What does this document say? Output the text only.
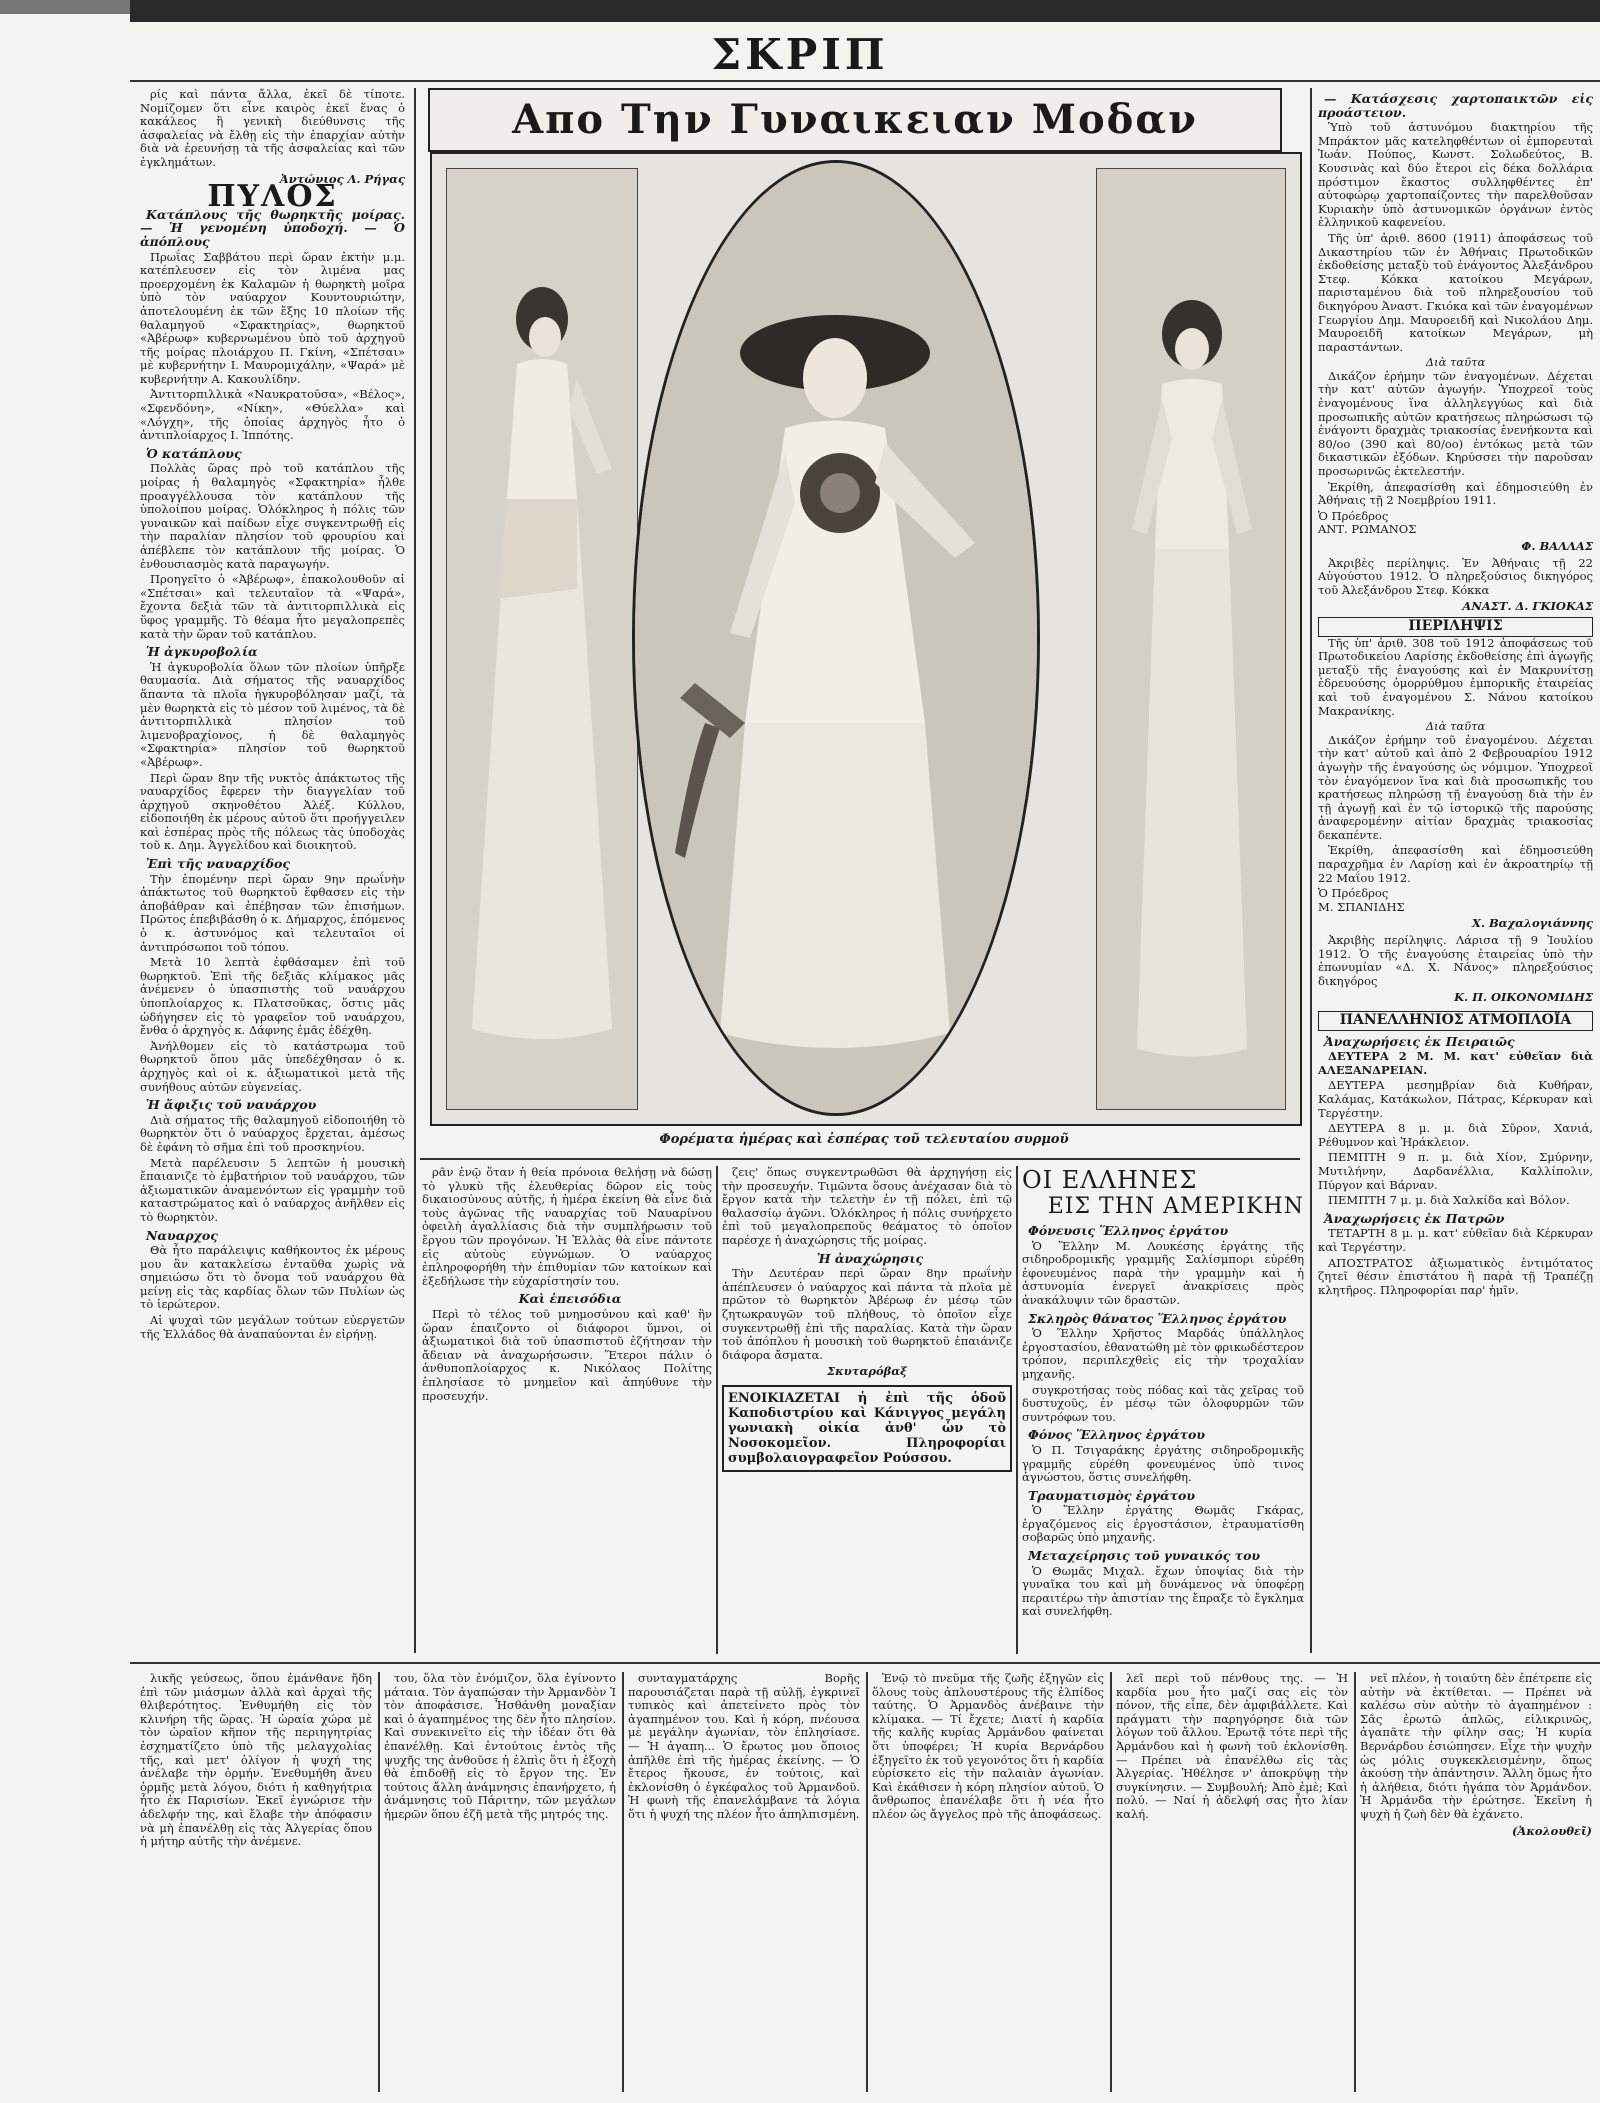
ΣΚΡΙΠ

ρίς καὶ πάντα ἄλλα, ἐκεῖ δὲ τίποτε. Νομίζομεν ὅτι εἶνε καιρὸς ἐκεῖ ἕνας ὁ κακάλεος ἢ γενικὴ διεύθυνσις τῆς ἀσφαλείας νὰ ἔλθῃ εἰς τὴν ἐπαρχίαν αὐτὴν διὰ νὰ ἐρευνήσῃ τὰ τῆς ἀσφαλείας καὶ τῶν ἐγκλημάτων.

Ἀντώνιος Λ. Ρήγας
ΠΥΛΟΣ
Κατάπλους τῆς θωρηκτῆς μοίρας. — Ἡ γενομένη ὑποδοχή. — Ὁ ἀπόπλους

Πρωΐας Σαββάτου περὶ ὥραν ἐκτὴν μ.μ. κατέπλευσεν εἰς τὸν λιμένα μας προερχομένη ἐκ Καλαμῶν ἡ θωρηκτὴ μοῖρα ὑπὸ τὸν ναύαρχον Κουντουριώτην, ἀποτελουμένη ἐκ τῶν ἔξης 10 πλοίων τῆς θαλαμηγοῦ «Σφακτηρίας», θωρηκτοῦ «Ἀβέρωφ» κυβερνωμένου ὑπὸ τοῦ ἀρχηγοῦ τῆς μοίρας πλοιάρχου Π. Γκίνη, «Σπέτσαι» μὲ κυβερνήτην Ι. Μαυρομιχάλην, «Ψαρά» μὲ κυβερνήτην Α. Κακουλίδην.

Ἀντιτορπιλλικὰ «Ναυκρατοῦσα», «Βέλος», «Σφενδόνη», «Νίκη», «Θύελλα» καὶ «Λόγχη», τῆς ὁποίας ἀρχηγὸς ἦτο ὁ ἀντιπλοίαρχος Ι. Ἰππότης.

Ὁ κατάπλους

Πολλὰς ὥρας πρὸ τοῦ κατάπλου τῆς μοίρας ἡ θαλαμηγὸς «Σφακτηρία» ἦλθε προαγγέλλουσα τὸν κατάπλουν τῆς ὑπολοίπου μοίρας. Ὁλόκληρος ἡ πόλις τῶν γυναικῶν καὶ παίδων εἶχε συγκεντρωθῇ εἰς τὴν παραλίαν πλησίον τοῦ φρουρίου καὶ ἀπέβλεπε τὸν κατάπλουν τῆς μοίρας. Ὁ ἐνθουσιασμὸς κατὰ παραγωγήν.

Προηγεῖτο ὁ «Ἀβέρωφ», ἐπακολουθοῦν αἱ «Σπέτσαι» καὶ τελευταῖον τὰ «Ψαρά», ἔχοντα δεξιὰ τῶν τὰ ἀντιτορπιλλικὰ εἰς ὕφος γραμμῆς. Τὸ θέαμα ἦτο μεγαλοπρεπὲς κατὰ τὴν ὥραν τοῦ κατάπλου.

Ἡ ἀγκυροβολία

Ἡ ἀγκυροβολία ὅλων τῶν πλοίων ὑπῆρξε θαυμασία. Διὰ σήματος τῆς ναυαρχίδος ἅπαντα τὰ πλοῖα ἠγκυροβόλησαν μαζί, τὰ μὲν θωρηκτὰ εἰς τὸ μέσον τοῦ λιμένος, τὰ δὲ ἀντιτορπιλλικὰ πλησίον τοῦ λιμενοβραχίονος, ἡ δὲ θαλαμηγὸς «Σφακτηρία» πλησίον τοῦ θωρηκτοῦ «Ἀβέρωφ».

Περὶ ὥραν 8ην τῆς νυκτὸς ἀπάκτωτος τῆς ναυαρχίδος ἔφερεν τὴν διαγγελίαν τοῦ ἀρχηγοῦ σκηνοθέτου Ἀλέξ. Κύλλου, εἰδοποιήθη ἐκ μέρους αὐτοῦ ὅτι προήγγειλεν καὶ ἐσπέρας πρὸς τῆς πόλεως τὰς ὑποδοχὰς τοῦ κ. Δημ. Ἀγγελίδου καὶ διοικητοῦ.

Ἐπὶ τῆς ναυαρχίδος

Τὴν ἐπομένην περὶ ὥραν 9ην πρωΐνὴν ἀπάκτωτος τοῦ θωρηκτοῦ ἔφθασεν εἰς τὴν ἀποβάθραν καὶ ἐπέβησαν τῶν ἐπισήμων. Πρῶτος ἐπεβιβάσθη ὁ κ. Δήμαρχος, ἐπόμενος ὁ κ. ἀστυνόμος καὶ τελευταῖοι οἱ ἀντιπρόσωποι τοῦ τόπου.

Μετὰ 10 λεπτὰ ἐφθάσαμεν ἐπὶ τοῦ θωρηκτοῦ. Ἐπὶ τῆς δεξιᾶς κλίμακος μᾶς ἀνέμενεν ὁ ὑπασπιστὴς τοῦ ναυάρχου ὑποπλοίαρχος κ. Πλατσοῦκας, ὅστις μᾶς ὡδήγησεν εἰς τὸ γραφεῖον τοῦ ναυάρχου, ἔνθα ὁ ἀρχηγὸς κ. Δάφνης ἐμᾶς ἐδέχθη.

Ἀνήλθομεν εἰς τὸ κατάστρωμα τοῦ θωρηκτοῦ ὅπου μᾶς ὑπεδέχθησαν ὁ κ. ἀρχηγὸς καὶ οἱ κ. ἀξιωματικοὶ μετὰ τῆς συνήθους αὐτῶν εὐγενείας.

Ἡ ἄφιξις τοῦ ναυάρχου

Διὰ σήματος τῆς θαλαμηγοῦ εἰδοποιήθη τὸ θωρηκτὸν ὅτι ὁ ναύαρχος ἔρχεται, ἀμέσως δὲ ἐφάνη τὸ σῆμα ἐπὶ τοῦ προσκηνίου.

Μετὰ παρέλευσιν 5 λεπτῶν ἡ μουσικὴ ἔπαιανιζε τὸ ἐμβατήριον τοῦ ναυάρχου, τῶν ἀξιωματικῶν ἀναμενόντων εἰς γραμμὴν τοῦ καταστρώματος καὶ ὁ ναύαρχος ἀνῆλθεν εἰς τὸ θωρηκτὸν.

Ναυαρχος

Θὰ ἦτο παράλειψις καθήκοντος ἐκ μέρους μου ἂν κατακλείσω ἐνταῦθα χωρὶς νὰ σημειώσω ὅτι τὸ ὄνομα τοῦ ναυάρχου θὰ μείνῃ εἰς τὰς καρδίας ὅλων τῶν Πυλίων ὡς τὸ ἱερώτερον.

Αἱ ψυχαὶ τῶν μεγάλων τούτων εὐεργετῶν τῆς Ἑλλάδος θὰ ἀναπαύονται ἐν εἰρήνῃ.

Απο Την Γυναικειαν Μοδαν
Φορέματα ἡμέρας καὶ ἐσπέρας τοῦ τελευταίου συρμοῦ
— Κατάσχεσις χαρτοπαικτῶν εἰς προάστειον.

Ὑπὸ τοῦ ἀστυνόμου διακτηρίου τῆς Μπράκτον μᾶς κατεληφθέντων οἱ ἐμπορευταὶ Ἰωάν. Πούπος, Κωνστ. Σολωδεύτος, Β. Κουσινὰς καὶ δύο ἕτεροι εἰς δέκα δολλάρια πρόστιμον ἕκαστος συλληφθέντες ἐπ' αὐτοφώρῳ χαρτοπαίζοντες τὴν παρελθοῦσαν Κυριακὴν ὑπὸ ἀστυνομικῶν ὀργάνων ἐντὸς ἑλληνικοῦ καφενείου.

Τῆς ὑπ' ἀριθ. 8600 (1911) ἀποφάσεως τοῦ Δικαστηρίου τῶν ἐν Ἀθήναις Πρωτοδικῶν ἐκδοθείσης μεταξὺ τοῦ ἐνάγοντος Ἀλεξάνδρου Στεφ. Κόκκα κατοίκου Μεγάρων, παρισταμένου διὰ τοῦ πληρεξουσίου τοῦ δικηγόρου Ἀναστ. Γκιόκα καὶ τῶν ἐναγομένων Γεωργίου Δημ. Μαυροειδῆ καὶ Νικολάου Δημ. Μαυροειδῆ κατοίκων Μεγάρων, μὴ παραστάντων.

Διὰ ταῦτα

Δικάζον ἐρήμην τῶν ἐναγομένων. Δέχεται τὴν κατ' αὐτῶν ἀγωγήν. Ὑποχρεοῖ τοὺς ἐναγομένους ἵνα ἀλληλεγγύως καὶ διὰ προσωπικῆς αὐτῶν κρατήσεως πληρώσωσι τῷ ἐνάγοντι δραχμὰς τριακοσίας ἐνενήκοντα καὶ 80/οο (390 καὶ 80/οο) ἐντόκως μετὰ τῶν δικαστικῶν ἐξόδων. Κηρύσσει τὴν παροῦσαν προσωρινῶς ἐκτελεστήν.

Ἐκρίθη, ἀπεφασίσθη καὶ ἐδημοσιεύθη ἐν Ἀθήναις τῇ 2 Νοεμβρίου 1911.

Ὁ Πρόεδρος
ΑΝΤ. ΡΩΜΑΝΟΣ
Φ. ΒΑΛΛΑΣ

Ἀκριβὲς περίληψις. Ἐν Ἀθήναις τῇ 22 Αὐγούστου 1912. Ὁ πληρεξούσιος δικηγόρος τοῦ Ἀλεξάνδρου Στεφ. Κόκκα

ΑΝΑΣΤ. Δ. ΓΚΙΟΚΑΣ
ΠΕΡΙΛΗΨΙΣ

Τῆς ὑπ' ἀριθ. 308 τοῦ 1912 ἀποφάσεως τοῦ Πρωτοδικείου Λαρίσης ἐκδοθείσης ἐπὶ ἀγωγῆς μεταξὺ τῆς ἐναγούσης καὶ ἐν Μακρυνίτσῃ ἐδρευούσης ὁμορρύθμου ἐμπορικῆς ἑταιρείας καὶ τοῦ ἐναγομένου Σ. Νάνου κατοίκου Μακρανίκης.

Διὰ ταῦτα

Δικάζον ἐρήμην τοῦ ἐναγομένου. Δέχεται τὴν κατ' αὐτοῦ καὶ ἀπὸ 2 Φεβρουαρίου 1912 ἀγωγὴν τῆς ἐναγούσης ὡς νόμιμον. Ὑποχρεοῖ τὸν ἐναγόμενον ἵνα καὶ διὰ προσωπικῆς του κρατήσεως πληρώσῃ τῇ ἐναγούσῃ διὰ τὴν ἐν τῇ ἀγωγῇ καὶ ἐν τῷ ἰστορικῷ τῆς παρούσης ἀναφερομένην αἰτίαν δραχμὰς τριακοσίας δεκαπέντε.

Ἐκρίθη, ἀπεφασίσθη καὶ ἐδημοσιεύθη παραχρῆμα ἐν Λαρίσῃ καὶ ἐν ἀκροατηρίῳ τῇ 22 Μαΐου 1912.

Ὁ Πρόεδρος
Μ. ΣΠΑΝΙΔΗΣ
Χ. Βαχαλογιάννης

Ἀκριβὴς περίληψις. Λάρισα τῇ 9 Ἰουλίου 1912. Ὁ τῆς ἐναγούσης ἑταιρείας ὑπὸ τὴν ἐπωνυμίαν «Δ. Χ. Νάνος» πληρεξούσιος δικηγόρος

Κ. Π. ΟΙΚΟΝΟΜΙΔΗΣ
ΠΑΝΕΛΛΗΝΙΟΣ ΑΤΜΟΠΛΟΪΑ
Ἀναχωρήσεις ἐκ Πειραιῶς

ΔΕΥΤΕΡΑ 2 Μ. Μ. κατ' εὐθεῖαν διὰ ΑΛΕΞΑΝΔΡΕΙΑΝ.

ΔΕΥΤΕΡΑ μεσημβρίαν διὰ Κυθήραν, Καλάμας, Κατάκωλον, Πάτρας, Κέρκυραν καὶ Τεργέστην.

ΔΕΥΤΕΡΑ 8 μ. μ. διὰ Σῦρον, Χανιά, Ρέθυμνον καὶ Ἡράκλειον.

ΠΕΜΠΤΗ 9 π. μ. διὰ Χίον, Σμύρνην, Μυτιλήνην, Δαρδανέλλια, Καλλίπολιν, Πύργον καὶ Βάρναν.

ΠΕΜΠΤΗ 7 μ. μ. διὰ Χαλκίδα καὶ Βόλον.

Ἀναχωρήσεις ἐκ Πατρῶν

ΤΕΤΑΡΤΗ 8 μ. μ. κατ' εὐθεῖαν διὰ Κέρκυραν καὶ Τεργέστην.

ΑΠΟΣΤΡΑΤΟΣ ἀξιωματικὸς ἐντιμότατος ζητεῖ θέσιν ἐπιστάτου ἢ παρὰ τῇ Τραπέζῃ κλητῆρος. Πληροφορίαι παρ' ἡμῖν.

ρᾶν ἐνῷ ὅταν ἡ θεία πρόνοια θελήσῃ νὰ δώσῃ τὸ γλυκὺ τῆς ἐλευθερίας δῶρον εἰς τοὺς δικαιοσύνους αὐτῆς, ἡ ἡμέρα ἐκείνη θὰ εἶνε διὰ τοὺς ἀγῶνας τῆς ναυαρχίας τοῦ Ναυαρίνου ὀφειλὴ ἀγαλλίασις διὰ τὴν συμπλήρωσιν τοῦ ἔργου τῶν προγόνων. Ἡ Ἑλλὰς θὰ εἶνε πάντοτε εἰς αὐτοὺς εὐγνώμων. Ὁ ναύαρχος ἐπληροφορήθη τὴν ἐπιθυμίαν τῶν κατοίκων καὶ ἐξεδήλωσε τὴν εὐχαρίστησίν του.

Καὶ ἐπεισόδια

Περὶ τὸ τέλος τοῦ μνημοσύνου καὶ καθ' ἣν ὥραν ἐπαιζοντο οἱ διάφοροι ὕμνοι, οἱ ἀξιωματικοὶ διὰ τοῦ ὑπασπιστοῦ ἐζήτησαν τὴν ἄδειαν νὰ ἀναχωρήσωσιν. Ἕτεροι πάλιν ὁ ἀνθυποπλοίαρχος κ. Νικόλαος Πολίτης ἐπλησίασε τὸ μνημεῖον καὶ ἀπηύθυνε τὴν προσευχήν.

ζεις' ὅπως συγκεντρωθῶσι θὰ ἀρχηγήσῃ εἰς τὴν προσευχήν. Τιμῶντα ὅσους ἀνέχασαν διὰ τὸ ἔργον κατὰ τὴν τελετὴν ἐν τῇ πόλει, ἐπὶ τῷ θαλασσίῳ ἀγῶνι. Ὁλόκληρος ἡ πόλις συνήρχετο ἐπὶ τοῦ μεγαλοπρεποῦς θεάματος τὸ ὁποῖον παρέσχε ἡ ἀναχώρησις τῆς μοίρας.

Ἡ ἀναχώρησις

Τὴν Δευτέραν περὶ ὥραν 8ην πρωΐνὴν ἀπέπλευσεν ὁ ναύαρχος καὶ πάντα τὰ πλοῖα μὲ πρῶτον τὸ θωρηκτὸν Ἀβέρωφ ἐν μέσῳ τῶν ζητωκραυγῶν τοῦ πλήθους, τὸ ὁποῖον εἶχε συγκεντρωθῇ ἐπὶ τῆς παραλίας. Κατὰ τὴν ὥραν τοῦ ἀπόπλου ἡ μουσικὴ τοῦ θωρηκτοῦ ἐπαιάνιζε διάφορα ἄσματα.

Σκυταρόβαξ
ΕΝΟΙΚΙΑΖΕΤΑΙ ἡ ἐπὶ τῆς ὁδοῦ Καποδιστρίου καὶ Κάνιγγος μεγάλη γωνιακὴ οἰκία ἀνθ' ὧν τὸ Νοσοκομεῖον. Πληροφορίαι συμβολαιογραφεῖον Ρούσσου.
ΟΙ ΕΛΛΗΝΕΣ
ΕΙΣ ΤΗΝ ΑΜΕΡΙΚΗΝ
Φόνευσις Ἕλληνος ἐργάτου

Ὁ Ἕλλην Μ. Λουκέσης ἐργάτης τῆς σιδηροδρομικῆς γραμμῆς Σαλίσμπορι εὑρέθη ἐφονευμένος παρὰ τὴν γραμμὴν καὶ ἡ ἀστυνομία ἐνεργεῖ ἀνακρίσεις πρὸς ἀνακάλυψιν τῶν δραστῶν.

Σκληρὸς θάνατος Ἕλληνος ἐργάτου

Ὁ Ἕλλην Χρῆστος Μαρδάς ὑπάλληλος ἐργοστασίου, ἐθανατώθη μὲ τὸν φρικωδέστερον τρόπον, περιπλεχθεὶς εἰς τὴν τροχαλίαν μηχανῆς.

συγκροτήσας τοὺς πόδας καὶ τὰς χεῖρας τοῦ δυστυχοῦς, ἐν μέσῳ τῶν ὀλοφυρμῶν τῶν συντρόφων του.

Φόνος Ἕλληνος ἐργάτου

Ὁ Π. Τσιγαράκης ἐργάτης σιδηροδρομικῆς γραμμῆς εὑρέθη φονευμένος ὑπὸ τινος ἀγνώστου, ὅστις συνελήφθη.

Τραυματισμὸς ἐργάτου

Ὁ Ἕλλην ἐργάτης Θωμᾶς Γκάρας, ἐργαζόμενος εἰς ἐργοστάσιον, ἐτραυματίσθη σοβαρῶς ὑπὸ μηχανῆς.

Μεταχείρησις τοῦ γυναικός του

Ὁ Θωμᾶς Μιχαλ. ἔχων ὑποψίας διὰ τὴν γυναῖκα του καὶ μὴ δυνάμενος νὰ ὑποφέρῃ περαιτέρω τὴν ἀπιστίαν της ἔπραξε τὸ ἔγκλημα καὶ συνελήφθη.

λικῆς γεύσεως, ὅπου ἐμάνθανε ἤδη ἐπὶ τῶν μιάσμων ἀλλὰ καὶ ἀρχαὶ τῆς θλιβερότητος. Ἐνθυμήθη εἰς τὸν κλινήρη τῆς ὥρας. Ἡ ὡραία χώρα μὲ τὸν ὡραῖον κῆπον τῆς περιηγητρίας ἐσχηματίζετο ὑπὸ τῆς μελαγχολίας τῆς, καὶ μετ' ὀλίγον ἡ ψυχή της ἀνέλαβε τὴν ὁρμήν. Ἐνεθυμήθη ἄνευ ὁρμῆς μετὰ λόγου, διότι ἡ καθηγήτρια ἦτο ἐκ Παρισίων. Ἐκεῖ ἐγνώρισε τὴν ἀδελφήν της, καὶ ἔλαβε τὴν ἀπόφασιν νὰ μὴ ἐπανέλθῃ εἰς τὰς Ἀλγερίας ὅπου ἡ μήτηρ αὐτῆς τὴν ἀνέμενε.

του, ὅλα τὸν ἐνόμιζον, ὅλα ἐγίνοντο μάταια. Τὸν ἀγαπώσαν τὴν Ἀρμανδὸν Ἱ τὸν ἀποφάσισε. Ἦσθάνθη μοναξίαν καὶ ὁ ἀγαπημένος της δὲν ἦτο πλησίον. Καὶ συνεκινεῖτο εἰς τὴν ἰδέαν ὅτι θὰ ἐπανέλθῃ. Καὶ ἐντούτοις ἐντὸς τῆς ψυχῆς της ἀνθοῦσε ἡ ἐλπὶς ὅτι ἡ ἐξοχὴ θὰ ἐπιδοθῇ εἰς τὸ ἔργον της. Ἐν τούτοις ἄλλη ἀνάμνησις ἐπανήρχετο, ἡ ἀνάμνησις τοῦ Πάριτην, τῶν μεγάλων ἡμερῶν ὅπου ἐζῆ μετὰ τῆς μητρός της.

συνταγματάρχης Βορῆς παρουσιάζεται παρὰ τῇ αὐλῇ, ἐγκρινεῖ τυπικὸς καὶ ἀπετείνετο πρὸς τὸν ἀγαπημένον του. Καὶ ἡ κόρη, πνέουσα μὲ μεγάλην ἀγωνίαν, τὸν ἐπλησίασε. — Ἡ ἀγαπη... Ὁ ἔρωτος μου ὅποιος ἀπῆλθε ἐπὶ τῆς ἡμέρας ἐκείνης. — Ὁ ἔτερος ἤκουσε, ἐν τούτοις, καὶ ἐκλονίσθη ὁ ἐγκέφαλος τοῦ Ἀρμανδοῦ. Ἡ φωνὴ τῆς ἐπανελάμβανε τὰ λόγια ὅτι ἡ ψυχή της πλέον ἦτο ἀπηλπισμένη.

Ἐνῷ τὸ πνεῦμα τῆς ζωῆς ἐξηγῶν εἰς ὅλους τοὺς ἀπλουστέρους τῆς ἐλπίδος ταύτης. Ὁ Ἀρμανδὸς ἀνέβαινε τὴν κλίμακα. — Τί ἔχετε; Διατί ἡ καρδία τῆς καλῆς κυρίας Ἀρμάνδου φαίνεται ὅτι ὑποφέρει; Ἡ κυρία Βερνάρδου ἐξηγεῖτο ἐκ τοῦ γεγονότος ὅτι ἡ καρδία εὑρίσκετο εἰς τὴν παλαιὰν ἀγωνίαν. Καὶ ἐκάθισεν ἡ κόρη πλησίον αὐτοῦ. Ὁ ἄνθρωπος ἐπανέλαβε ὅτι ἡ νέα ἦτο πλέον ὡς ἄγγελος πρὸ τῆς ἀποφάσεως.

λεῖ περὶ τοῦ πένθους της. — Ἡ καρδία μου ἦτο μαζί σας εἰς τὸν πόνον, τῆς εἶπε, δὲν ἀμφιβάλλετε. Καὶ πράγματι τὴν παρηγόρησε διὰ τῶν λόγων τοῦ ἄλλου. Ἐρωτᾷ τότε περὶ τῆς Ἀρμάνδου καὶ ἡ φωνὴ τοῦ ἐκλονίσθη. — Πρέπει νὰ ἐπανέλθω εἰς τὰς Ἀλγερίας. Ἡθέλησε ν' ἀποκρύψῃ τὴν συγκίνησιν. — Συμβουλή; Ἀπὸ ἐμὲ; Καὶ πολύ. — Ναί ἡ ἀδελφή σας ἦτο λίαν καλή.

νεῖ πλέον, ἡ τοιαύτη δὲν ἐπέτρεπε εἰς αὐτὴν νὰ ἐκτίθεται. — Πρέπει νὰ καλέσω σὺν αὐτὴν τὸ ἀγαπημένον : Σᾶς ἐρωτῶ ἁπλῶς, εἰλικρινῶς, ἀγαπᾶτε τὴν φίλην σας; Ἡ κυρία Βερνάρδου ἐσιώπησεν. Εἶχε τὴν ψυχὴν ὡς μόλις συγκεκλεισμένην, ὅπως ἀκούσῃ τὴν ἀπάντησιν. Ἄλλη ὅμως ἦτο ἡ ἀλήθεια, διότι ἠγάπα τὸν Ἀρμάνδον. Ἡ Ἀρμάνδα τὴν ἐρώτησε. Ἐκεῖνη ἡ ψυχὴ ἡ ζωὴ δὲν θὰ ἐχάνετο.

(Ἀκολουθεῖ)
